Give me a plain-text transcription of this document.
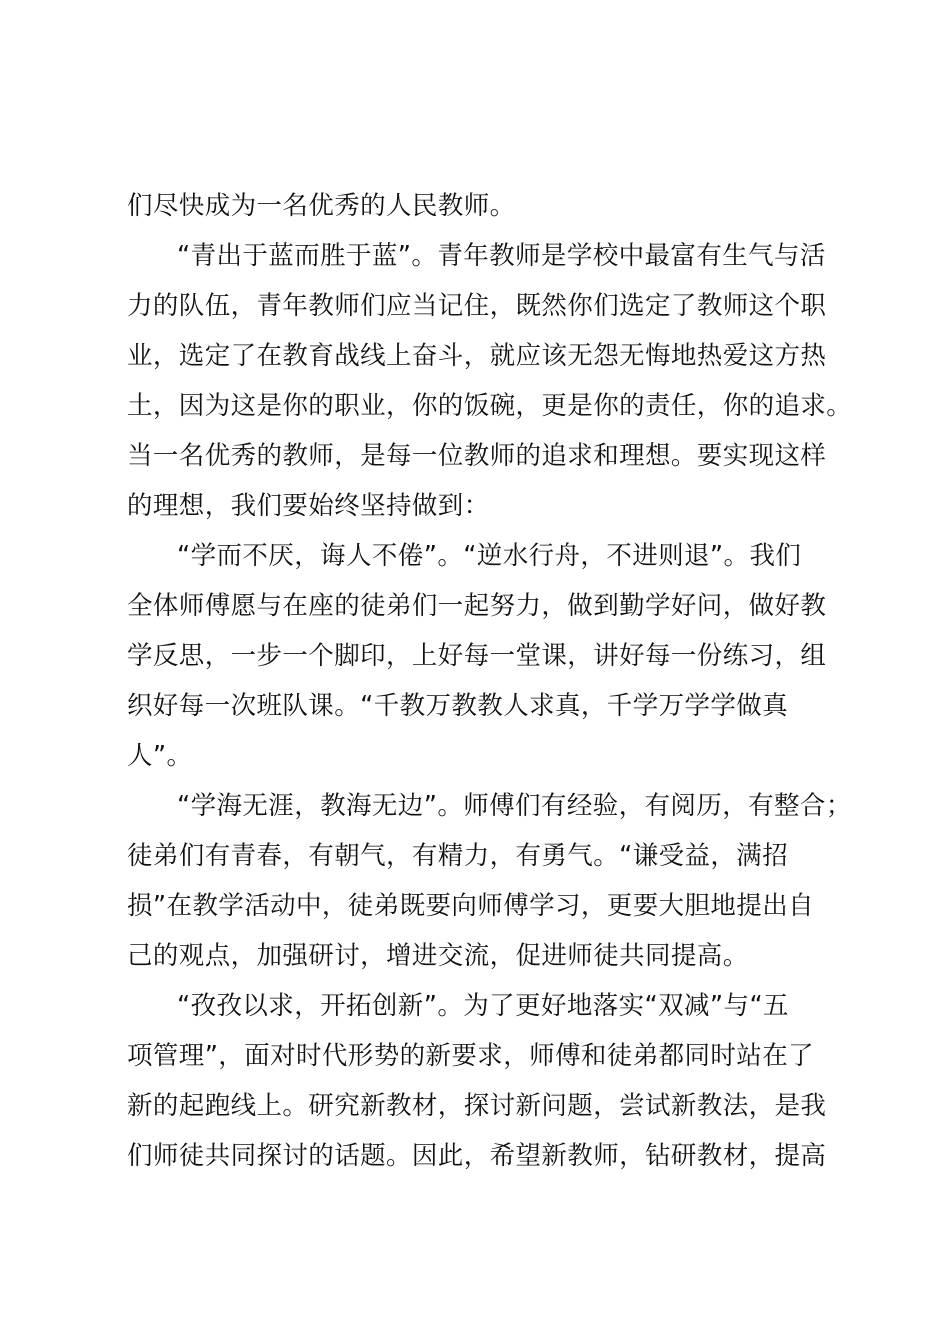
们尽快成为一名优秀的人民教师。
“青出于蓝而胜于蓝”。青年教师是学校中最富有生气与活
力的队伍，青年教师们应当记住，既然你们选定了教师这个职
业，选定了在教育战线上奋斗，就应该无怨无悔地热爱这方热
土，因为这是你的职业，你的饭碗，更是你的责任，你的追求。
当一名优秀的教师，是每一位教师的追求和理想。要实现这样
的理想，我们要始终坚持做到：
“学而不厌，诲人不倦”。“逆水行舟，不进则退”。我们
全体师傅愿与在座的徒弟们一起努力，做到勤学好问，做好教
学反思，一步一个脚印，上好每一堂课，讲好每一份练习，组
织好每一次班队课。“千教万教教人求真，千学万学学做真
人”。
“学海无涯，教海无边”。师傅们有经验，有阅历，有整合；
徒弟们有青春，有朝气，有精力，有勇气。“谦受益，满招
损”在教学活动中，徒弟既要向师傅学习，更要大胆地提出自
己的观点，加强研讨，增进交流，促进师徒共同提高。
“孜孜以求，开拓创新”。为了更好地落实“双减”与“五
项管理”，面对时代形势的新要求，师傅和徒弟都同时站在了
新的起跑线上。研究新教材，探讨新问题，尝试新教法，是我
们师徒共同探讨的话题。因此，希望新教师，钻研教材，提高
